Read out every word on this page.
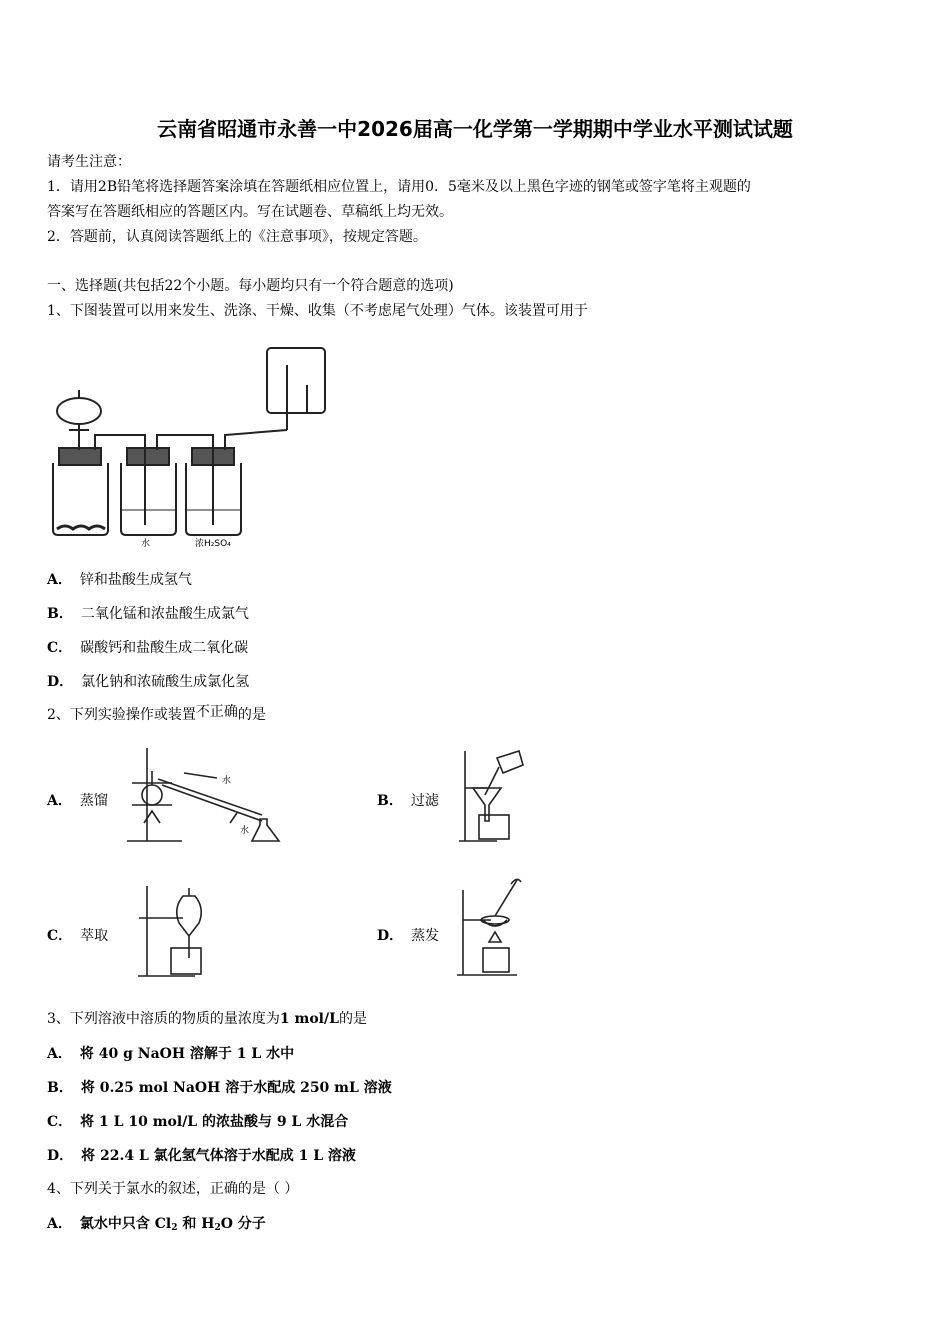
云南省昭通市永善一中2026届高一化学第一学期期中学业水平测试试题
请考生注意：
1．请用2B铅笔将选择题答案涂填在答题纸相应位置上，请用0．5毫米及以上黑色字迹的钢笔或签字笔将主观题的
答案写在答题纸相应的答题区内。写在试题卷、草稿纸上均无效。
2．答题前，认真阅读答题纸上的《注意事项》，按规定答题。
一、选择题(共包括22个小题。每小题均只有一个符合题意的选项)
1、下图装置可以用来发生、洗涤、干燥、收集（不考虑尾气处理）气体。该装置可用于
水	浓H₂SO₄
A． 锌和盐酸生成氢气
B． 二氧化锰和浓盐酸生成氯气
C． 碳酸钙和盐酸生成二氧化碳
D． 氯化钠和浓硫酸生成氯化氢
2、下列实验操作或装置不正确的是
A． 蒸馏
水
水
B． 过滤
C． 萃取	D． 蒸发
3、下列溶液中溶质的物质的量浓度为1 mol/L的是
A． 将 40 g NaOH 溶解于 1 L 水中
B． 将 0.25 mol NaOH 溶于水配成 250 mL 溶液
C． 将 1 L 10 mol/L 的浓盐酸与 9 L 水混合
D． 将 22.4 L 氯化氢气体溶于水配成 1 L 溶液
4、下列关于氯水的叙述，正确的是（ ）
A． 氯水中只含 $Cl_2$ 和 $H_2O$ 分子
